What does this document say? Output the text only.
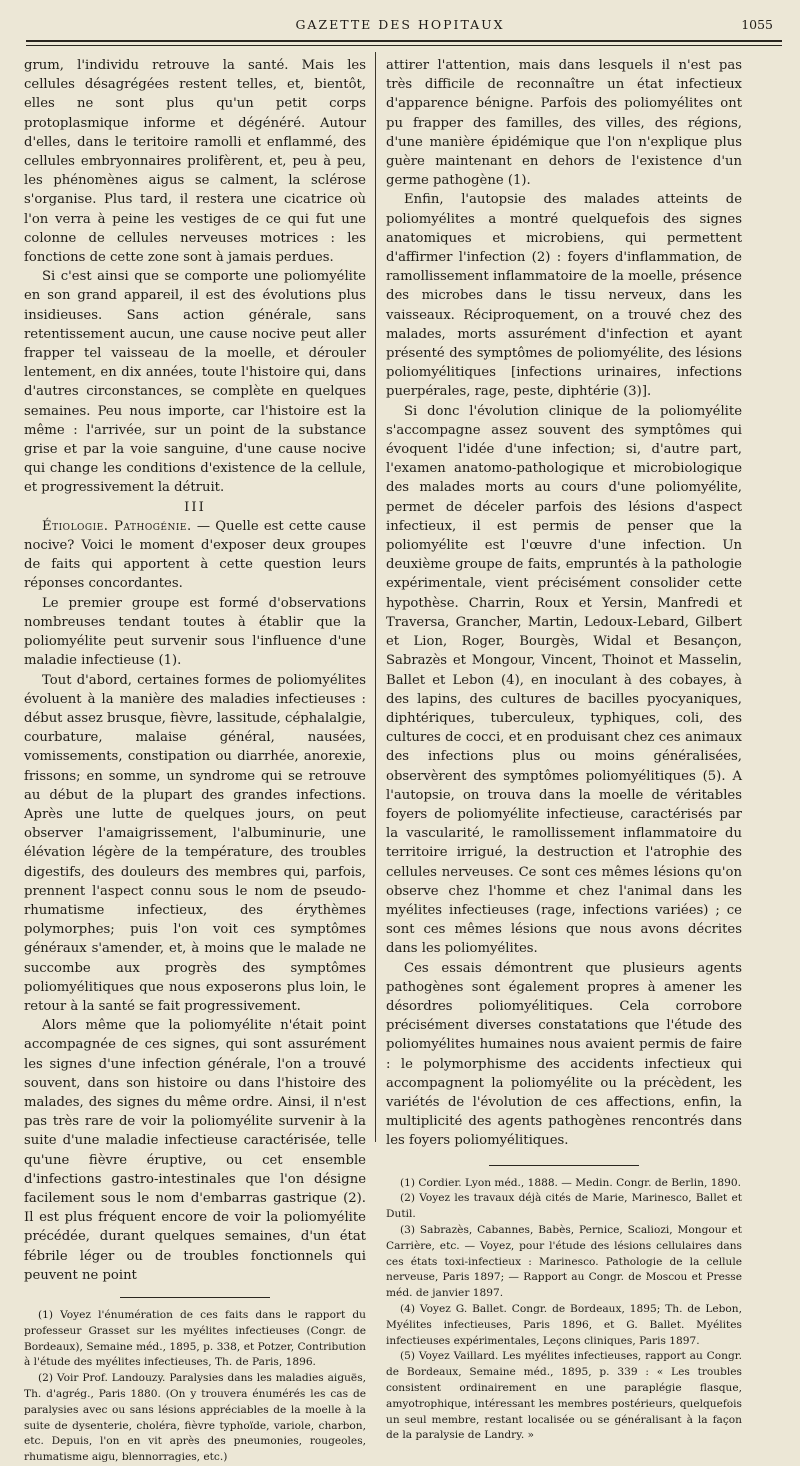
GAZETTE DES HOPITAUX	1055

grum, l'individu retrouve la santé. Mais les cellules désagrégées restent telles, et, bientôt, elles ne sont plus qu'un petit corps protoplasmique informe et dégénéré. Autour d'elles, dans le teritoire ramolli et enflammé, des cellules embryonnaires prolifèrent, et, peu à peu, les phénomènes aigus se calment, la sclérose s'organise. Plus tard, il restera une cicatrice où l'on verra à peine les vestiges de ce qui fut une colonne de cellules nerveuses motrices : les fonctions de cette zone sont à jamais perdues.

Si c'est ainsi que se comporte une poliomyélite en son grand appareil, il est des évolutions plus insidieuses. Sans action générale, sans retentissement aucun, une cause nocive peut aller frapper tel vaisseau de la moelle, et dérouler lentement, en dix années, toute l'histoire qui, dans d'autres circonstances, se complète en quelques semaines. Peu nous importe, car l'histoire est la même : l'arrivée, sur un point de la substance grise et par la voie sanguine, d'une cause nocive qui change les conditions d'existence de la cellule, et progressivement la détruit.

III

Étiologie. Pathogénie. — Quelle est cette cause nocive? Voici le moment d'exposer deux groupes de faits qui apportent à cette question leurs réponses concordantes.

Le premier groupe est formé d'observations nombreuses tendant toutes à établir que la poliomyélite peut survenir sous l'influence d'une maladie infectieuse (1).

Tout d'abord, certaines formes de poliomyélites évoluent à la manière des maladies infectieuses : début assez brusque, fièvre, lassitude, céphalalgie, courbature, malaise général, nausées, vomissements, constipation ou diarrhée, anorexie, frissons; en somme, un syndrome qui se retrouve au début de la plupart des grandes infections. Après une lutte de quelques jours, on peut observer l'amaigrissement, l'albuminurie, une élévation légère de la température, des troubles digestifs, des douleurs des membres qui, parfois, prennent l'aspect connu sous le nom de pseudo-rhumatisme infectieux, des érythèmes polymorphes; puis l'on voit ces symptômes généraux s'amender, et, à moins que le malade ne succombe aux progrès des symptômes poliomyélitiques que nous exposerons plus loin, le retour à la santé se fait progressivement.

Alors même que la poliomyélite n'était point accompagnée de ces signes, qui sont assurément les signes d'une infection générale, l'on a trouvé souvent, dans son histoire ou dans l'histoire des malades, des signes du même ordre. Ainsi, il n'est pas très rare de voir la poliomyélite survenir à la suite d'une maladie infectieuse caractérisée, telle qu'une fièvre éruptive, ou cet ensemble d'infections gastro-intestinales que l'on désigne facilement sous le nom d'embarras gastrique (2). Il est plus fréquent encore de voir la poliomyélite précédée, durant quelques semaines, d'un état fébrile léger ou de troubles fonctionnels qui peuvent ne point

(1) Voyez l'énumération de ces faits dans le rapport du professeur Grasset sur les myélites infectieuses (Congr. de Bordeaux), Semaine méd., 1895, p. 338, et Potzer, Contribution à l'étude des myélites infectieuses, Th. de Paris, 1896.

(2) Voir Prof. Landouzy. Paralysies dans les maladies aiguës, Th. d'agrég., Paris 1880. (On y trouvera énumérés les cas de paralysies avec ou sans lésions appréciables de la moelle à la suite de dysenterie, choléra, fièvre typhoïde, variole, charbon, etc. Depuis, l'on en vit après des pneumonies, rougeoles, rhumatisme aigu, blennorragies, etc.)

attirer l'attention, mais dans lesquels il n'est pas très difficile de reconnaître un état infectieux d'apparence bénigne. Parfois des poliomyélites ont pu frapper des familles, des villes, des régions, d'une manière épidémique que l'on n'explique plus guère maintenant en dehors de l'existence d'un germe pathogène (1).

Enfin, l'autopsie des malades atteints de poliomyélites a montré quelquefois des signes anatomiques et microbiens, qui permettent d'affirmer l'infection (2) : foyers d'inflammation, de ramollissement inflammatoire de la moelle, présence des microbes dans le tissu nerveux, dans les vaisseaux. Réciproquement, on a trouvé chez des malades, morts assurément d'infection et ayant présenté des symptômes de poliomyélite, des lésions poliomyélitiques [infections urinaires, infections puerpérales, rage, peste, diphtérie (3)].

Si donc l'évolution clinique de la poliomyélite s'accompagne assez souvent des symptômes qui évoquent l'idée d'une infection; si, d'autre part, l'examen anatomo-pathologique et microbiologique des malades morts au cours d'une poliomyélite, permet de déceler parfois des lésions d'aspect infectieux, il est permis de penser que la poliomyélite est l'œuvre d'une infection. Un deuxième groupe de faits, empruntés à la pathologie expérimentale, vient précisément consolider cette hypothèse. Charrin, Roux et Yersin, Manfredi et Traversa, Grancher, Martin, Ledoux-Lebard, Gilbert et Lion, Roger, Bourgès, Widal et Besançon, Sabrazès et Mongour, Vincent, Thoinot et Masselin, Ballet et Lebon (4), en inoculant à des cobayes, à des lapins, des cultures de bacilles pyocyaniques, diphtériques, tuberculeux, typhiques, coli, des cultures de cocci, et en produisant chez ces animaux des infections plus ou moins généralisées, observèrent des symptômes poliomyélitiques (5). A l'autopsie, on trouva dans la moelle de véritables foyers de poliomyélite infectieuse, caractérisés par la vascularité, le ramollissement inflammatoire du territoire irrigué, la destruction et l'atrophie des cellules nerveuses. Ce sont ces mêmes lésions qu'on observe chez l'homme et chez l'animal dans les myélites infectieuses (rage, infections variées) ; ce sont ces mêmes lésions que nous avons décrites dans les poliomyélites.

Ces essais démontrent que plusieurs agents pathogènes sont également propres à amener les désordres poliomyélitiques. Cela corrobore précisément diverses constatations que l'étude des poliomyélites humaines nous avaient permis de faire : le polymorphisme des accidents infectieux qui accompagnent la poliomyélite ou la précèdent, les variétés de l'évolution de ces affections, enfin, la multiplicité des agents pathogènes rencontrés dans les foyers poliomyélitiques.

(1) Cordier. Lyon méd., 1888. — Medin. Congr. de Berlin, 1890.

(2) Voyez les travaux déjà cités de Marie, Marinesco, Ballet et Dutil.

(3) Sabrazès, Cabannes, Babès, Pernice, Scaliozi, Mongour et Carrière, etc. — Voyez, pour l'étude des lésions cellulaires dans ces états toxi-infectieux : Marinesco. Pathologie de la cellule nerveuse, Paris 1897; — Rapport au Congr. de Moscou et Presse méd. de janvier 1897.

(4) Voyez G. Ballet. Congr. de Bordeaux, 1895; Th. de Lebon, Myélites infectieuses, Paris 1896, et G. Ballet. Myélites infectieuses expérimentales, Leçons cliniques, Paris 1897.

(5) Voyez Vaillard. Les myélites infectieuses, rapport au Congr. de Bordeaux, Semaine méd., 1895, p. 339 : « Les troubles consistent ordinairement en une paraplégie flasque, amyotrophique, intéressant les membres postérieurs, quelquefois un seul membre, restant localisée ou se généralisant à la façon de la paralysie de Landry. »
